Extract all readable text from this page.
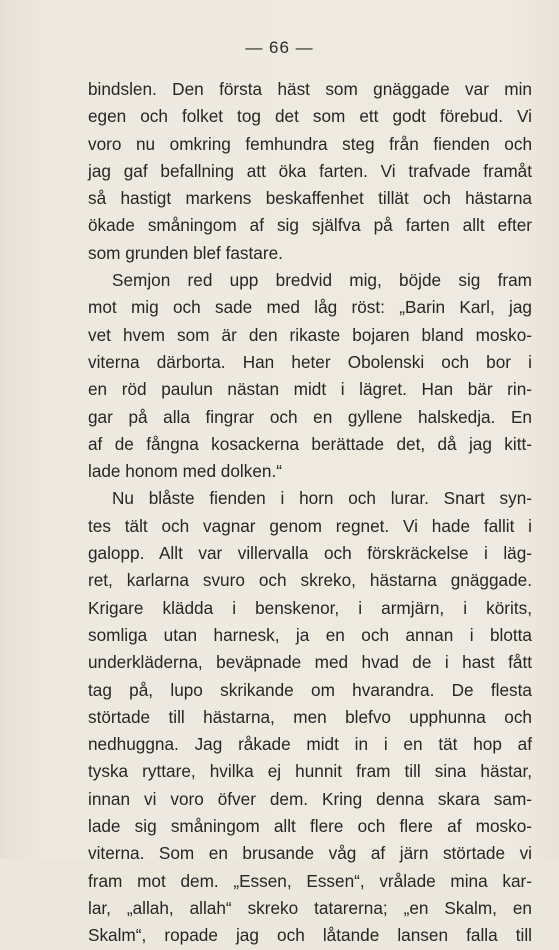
— 66 —
bindslen. Den första häst som gnäggade var min
egen och folket tog det som ett godt förebud. Vi
voro nu omkring femhundra steg från fienden och
jag gaf befallning att öka farten. Vi trafvade framåt
så hastigt markens beskaffenhet tillät och hästarna
ökade småningom af sig själfva på farten allt efter
som grunden blef fastare.
Semjon red upp bredvid mig, böjde sig fram
mot mig och sade med låg röst: „Barin Karl, jag
vet hvem som är den rikaste bojaren bland mosko-
viterna därborta. Han heter Obolenski och bor i
en röd paulun nästan midt i lägret. Han bär rin-
gar på alla fingrar och en gyllene halskedja. En
af de fångna kosackerna berättade det, då jag kitt-
lade honom med dolken.“
Nu blåste fienden i horn och lurar. Snart syn-
tes tält och vagnar genom regnet. Vi hade fallit i
galopp. Allt var villervalla och förskräckelse i läg-
ret, karlarna svuro och skreko, hästarna gnäggade.
Krigare klädda i benskenor, i armjärn, i körits,
somliga utan harnesk, ja en och annan i blotta
underkläderna, beväpnade med hvad de i hast fått
tag på, lupo skrikande om hvarandra. De flesta
störtade till hästarna, men blefvo upphunna och
nedhuggna. Jag råkade midt in i en tät hop af
tyska ryttare, hvilka ej hunnit fram till sina hästar,
innan vi voro öfver dem. Kring denna skara sam-
lade sig småningom allt flere och flere af mosko-
viterna. Som en brusande våg af järn störtade vi
fram mot dem. „Essen, Essen“, vrålade mina kar-
lar, „allah, allah“ skreko tatarerna; „en Skalm, en
Skalm“, ropade jag och låtande lansen falla till
